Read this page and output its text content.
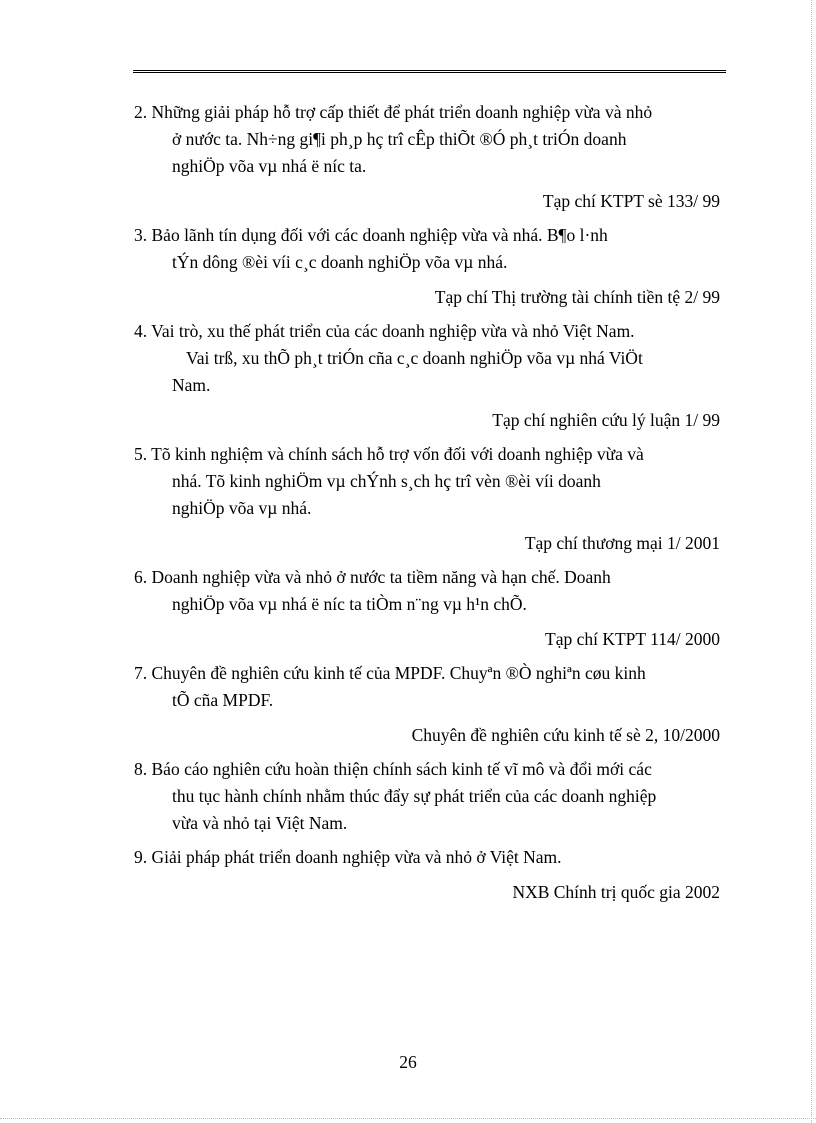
2. Những giải pháp hỗ trợ cấp thiết để phát triển doanh nghiệp vừa và nhỏ
ở nước ta. Nh÷ng gi¶i ph¸p hç trî cÊp thiÕt ®Ó ph¸t triÓn doanh
nghiÖp võa vµ nhá ë níc ta.
Tạp chí KTPT sè 133/ 99
3. Bảo lãnh tín dụng đối với các doanh nghiệp vừa và nhá. B¶o l·nh
tÝn dông ®èi víi c¸c doanh nghiÖp võa vµ nhá.
Tạp chí Thị trường tài chính tiền tệ 2/ 99
4. Vai trò, xu thế phát triển của các doanh nghiệp vừa và nhỏ Việt Nam.
Vai trß, xu thÕ ph¸t triÓn cña c¸c doanh nghiÖp võa vµ nhá ViÖt
Nam.
Tạp chí nghiên cứu lý luận 1/ 99
5. Tõ kinh nghiệm và chính sách hỗ trợ vốn đối với doanh nghiệp vừa và
nhá. Tõ kinh nghiÖm vµ chÝnh s¸ch hç trî vèn ®èi víi doanh
nghiÖp võa vµ nhá.
Tạp chí thương mại 1/ 2001
6. Doanh nghiệp vừa và nhỏ ở nước ta tiềm năng và hạn chế. Doanh
nghiÖp võa vµ nhá ë níc ta tiÒm n¨ng vµ h¹n chÕ.
Tạp chí KTPT 114/ 2000
7. Chuyên đề nghiên cứu kinh tế của MPDF. Chuyªn ®Ò nghiªn cøu kinh
tÕ cña MPDF.
Chuyên đề nghiên cứu kinh tế sè 2, 10/2000
8. Báo cáo nghiên cứu hoàn thiện chính sách kinh tế vĩ mô và đổi mới các
thu tục hành chính nhằm thúc đẩy sự phát triển của các doanh nghiệp
vừa và nhỏ tại Việt Nam.
9. Giải pháp phát triển doanh nghiệp vừa và nhỏ ở Việt Nam.
NXB Chính trị quốc gia 2002
26
